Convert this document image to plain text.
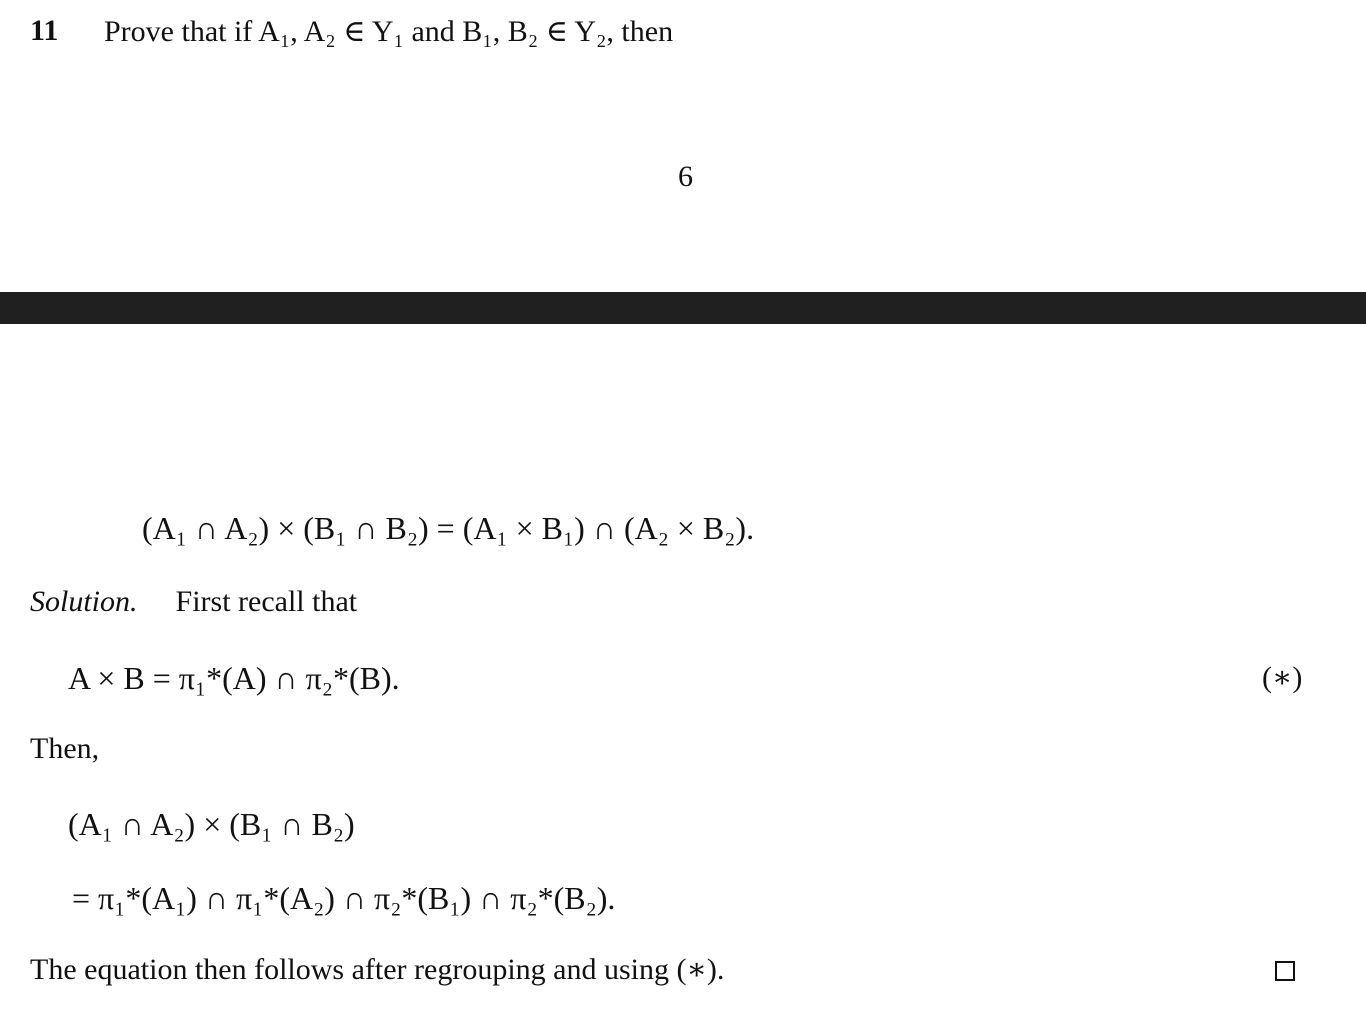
11 Prove that if A₁, A₂ ∈ Y₁ and B₁, B₂ ∈ Y₂, then
6
(A₁ ∩ A₂) × (B₁ ∩ B₂) = (A₁ × B₁) ∩ (A₂ × B₂).
Solution. First recall that
A × B = π₁*(A) ∩ π₂*(B).	(∗)
Then,
(A₁ ∩ A₂) × (B₁ ∩ B₂)
= π₁*(A₁) ∩ π₁*(A₂) ∩ π₂*(B₁) ∩ π₂*(B₂).
The equation then follows after regrouping and using (∗).
